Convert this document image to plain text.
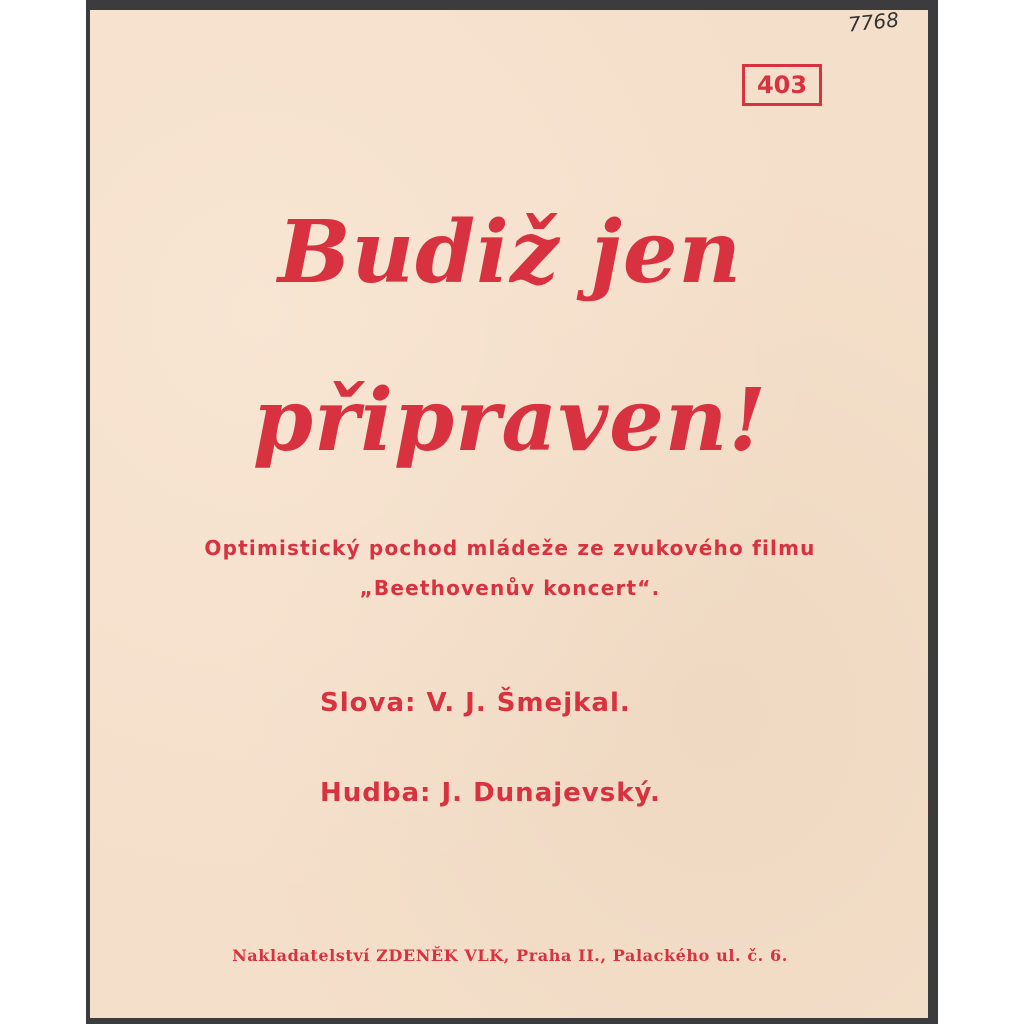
7768
403
Budiž jen
připraven!
Optimistický pochod mládeže ze zvukového filmu
„Beethovenův koncert“.
Slova: V. J. Šmejkal.
Hudba: J. Dunajevský.
Nakladatelství ZDENĚK VLK, Praha II., Palackého ul. č. 6.
